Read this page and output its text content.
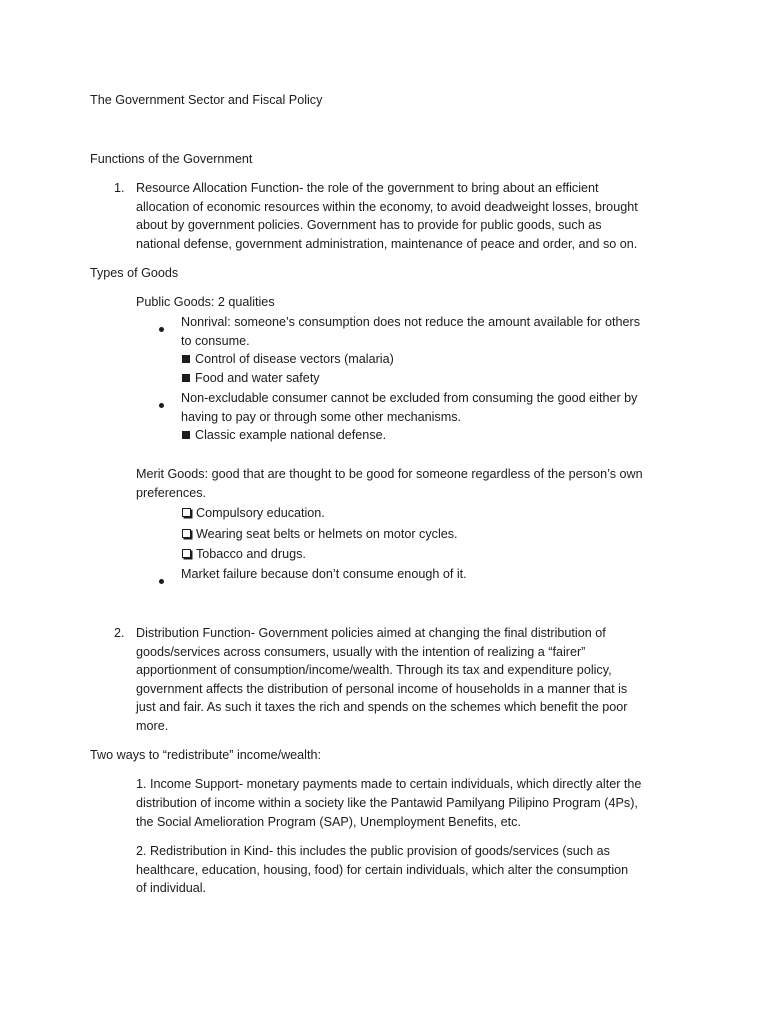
The Government Sector and Fiscal Policy
Functions of the Government
1. Resource Allocation Function- the role of the government to bring about an efficient
allocation of economic resources within the economy, to avoid deadweight losses, brought
about by government policies. Government has to provide for public goods, such as
national defense, government administration, maintenance of peace and order, and so on.
Types of Goods
Public Goods: 2 qualities
Nonrival: someone’s consumption does not reduce the amount available for others
to consume.
Control of disease vectors (malaria)
Food and water safety
Non-excludable consumer cannot be excluded from consuming the good either by
having to pay or through some other mechanisms.
Classic example national defense.
Merit Goods: good that are thought to be good for someone regardless of the person’s own
preferences.
Compulsory education.
Wearing seat belts or helmets on motor cycles.
Tobacco and drugs.
Market failure because don’t consume enough of it.
2. Distribution Function- Government policies aimed at changing the final distribution of
goods/services across consumers, usually with the intention of realizing a “fairer”
apportionment of consumption/income/wealth. Through its tax and expenditure policy,
government affects the distribution of personal income of households in a manner that is
just and fair. As such it taxes the rich and spends on the schemes which benefit the poor
more.
Two ways to “redistribute” income/wealth:
1. Income Support- monetary payments made to certain individuals, which directly alter the
distribution of income within a society like the Pantawid Pamilyang Pilipino Program (4Ps),
the Social Amelioration Program (SAP), Unemployment Benefits, etc.
2. Redistribution in Kind- this includes the public provision of goods/services (such as
healthcare, education, housing, food) for certain individuals, which alter the consumption
of individual.
